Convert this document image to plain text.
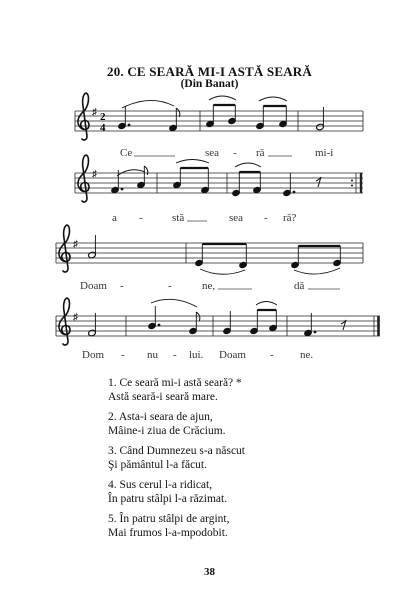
20. CE SEARĂ MI-I ASTĂ SEARĂ
(Din Banat)
♯ 2
4
Ce	sea - ră	mi-i
♯
a -	stă	sea - ră?
♯
Doam -	-	ne,	dă
♯
Dom - nu - lui. Doam - ne.
1. Ce seară mi-i astă seară? *
Astă seară-i seară mare.
2. Asta-i seara de ajun,
Mâine-i ziua de Crăcium.
3. Când Dumnezeu s-a născut
Şi pământul l-a făcut.
4. Sus cerul l-a ridicat,
În patru stâlpi l-a răzimat.
5. În patru stâlpi de argint,
Mai frumos l-a-mpodobit.
38
